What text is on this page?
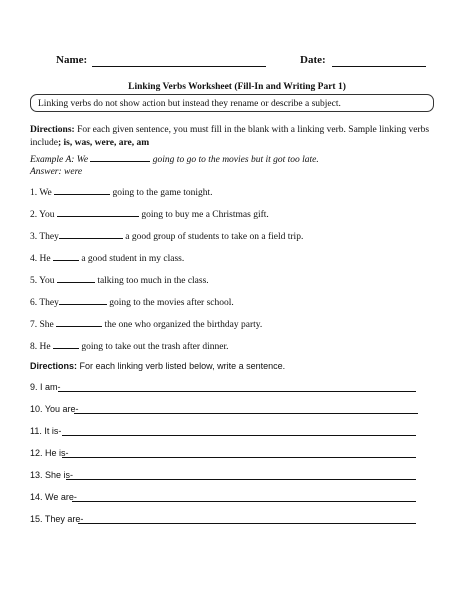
Name:	Date:
Linking Verbs Worksheet (Fill-In and Writing Part 1)
Linking verbs do not show action but instead they rename or describe a subject.
Directions: For each given sentence, you must fill in the blank with a linking verb. Sample linking verbs include; is, was, were, are, am
Example A: We	going to go to the movies but it got too late.
Answer: were
1. We	going to the game tonight.
2. You	going to buy me a Christmas gift.
3. They	a good group of students to take on a field trip.
4. He	a good student in my class.
5. You	talking too much in the class.
6. They	going to the movies after school.
7. She	the one who organized the birthday party.
8. He	going to take out the trash after dinner.
Directions: For each linking verb listed below, write a sentence.
9. I am-
10. You are-
11. It is-
12. He is-
13. She is-
14. We are-
15. They are-
